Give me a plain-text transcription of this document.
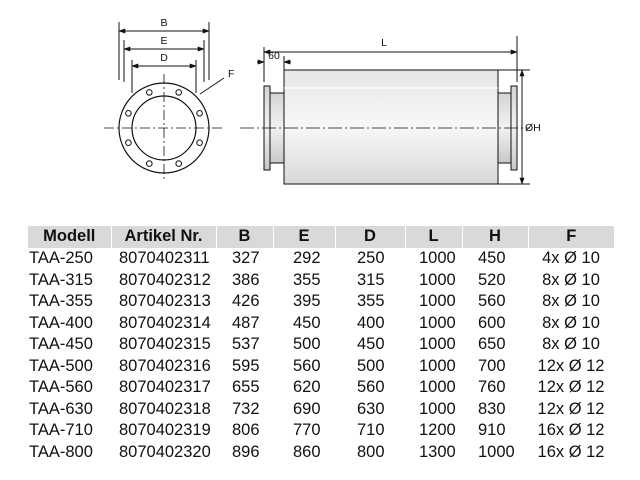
B
E
D
F
L
60
ØH
Modell	Artikel Nr.	B	E	D	L	H	F
TAA-250	8070402311	327	292	250	1000	450	4x Ø 10
TAA-315	8070402312	386	355	315	1000	520	8x Ø 10
TAA-355	8070402313	426	395	355	1000	560	8x Ø 10
TAA-400	8070402314	487	450	400	1000	600	8x Ø 10
TAA-450	8070402315	537	500	450	1000	650	8x Ø 10
TAA-500	8070402316	595	560	500	1000	700	12x Ø 12
TAA-560	8070402317	655	620	560	1000	760	12x Ø 12
TAA-630	8070402318	732	690	630	1000	830	12x Ø 12
TAA-710	8070402319	806	770	710	1200	910	16x Ø 12
TAA-800	8070402320	896	860	800	1300	1000	16x Ø 12
